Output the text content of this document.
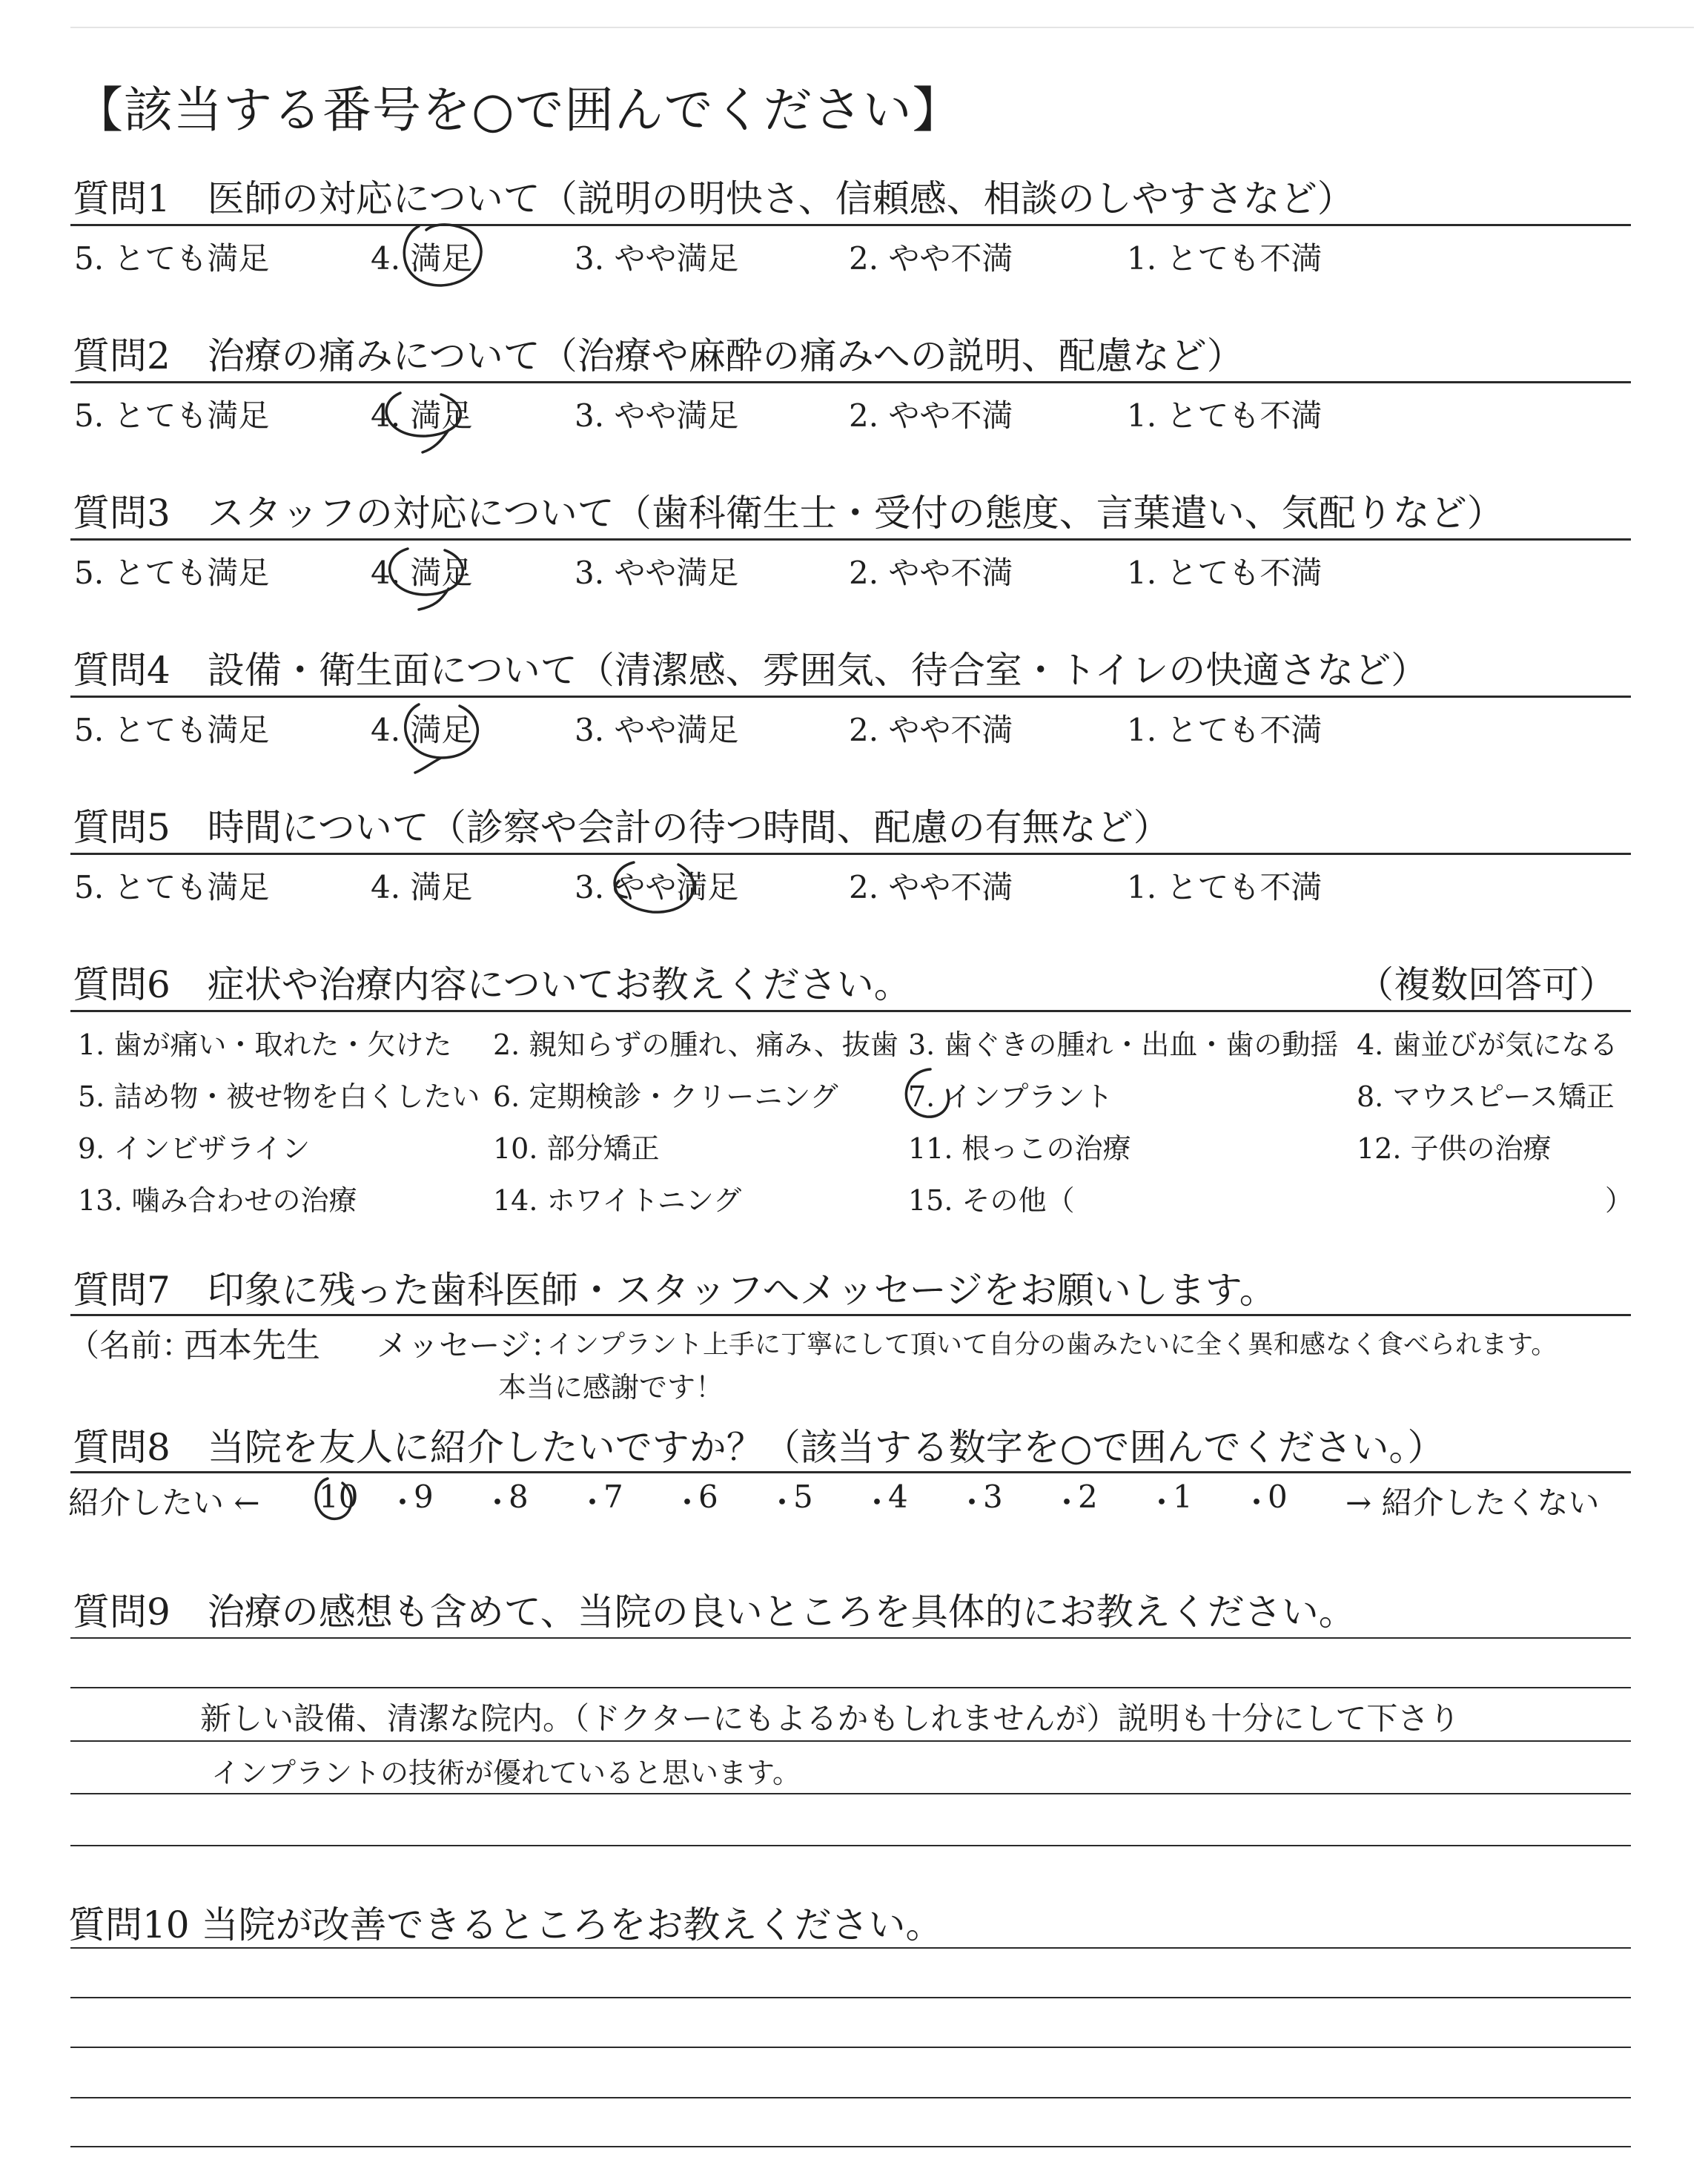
【該当する番号を○で囲んでください】
質問1　医師の対応について（説明の明快さ、信頼感、相談のしやすさなど）
5. とても満足	4. 満足	3. やや満足	2. やや不満	1. とても不満
質問2　治療の痛みについて（治療や麻酔の痛みへの説明、配慮など）
5. とても満足	4. 満足	3. やや満足	2. やや不満	1. とても不満
質問3　スタッフの対応について（歯科衛生士・受付の態度、言葉遣い、気配りなど）
5. とても満足	4. 満足	3. やや満足	2. やや不満	1. とても不満
質問4　設備・衛生面について（清潔感、雰囲気、待合室・トイレの快適さなど）
5. とても満足	4. 満足	3. やや満足	2. やや不満	1. とても不満
質問5　時間について（診察や会計の待つ時間、配慮の有無など）
5. とても満足	4. 満足	3. やや満足	2. やや不満	1. とても不満
質問6　症状や治療内容についてお教えください。	（複数回答可）
1. 歯が痛い・取れた・欠けた 2. 親知らずの腫れ、痛み、抜歯 3. 歯ぐきの腫れ・出血・歯の動揺 4. 歯並びが気になる
5. 詰め物・被せ物を白くしたい 6. 定期検診・クリーニング 7. インプラント	8. マウスピース矯正
9. インビザライン	10. 部分矯正	11. 根っこの治療	12. 子供の治療
13. 噛み合わせの治療	14. ホワイトニング	15. その他（	）
質問7　印象に残った歯科医師・スタッフへメッセージをお願いします。
（名前：
西本先生 メッセージ：
インプラント上手に丁寧にして頂いて自分の歯みたいに全く異和感なく食べられます。
本当に感謝です！
質問8　当院を友人に紹介したいですか？（該当する数字を○で囲んでください。）
紹介したい ←	→ 紹介したくない
10 ・
9 ・
8 ・
7 ・
6 ・
5 ・
4 ・
3 ・
2 ・
1 ・
0
質問9　治療の感想も含めて、当院の良いところを具体的にお教えください。
新しい設備、清潔な院内。（ドクターにもよるかもしれませんが）説明も十分にして下さり
インプラントの技術が優れていると思います。
質問10 当院が改善できるところをお教えください。
